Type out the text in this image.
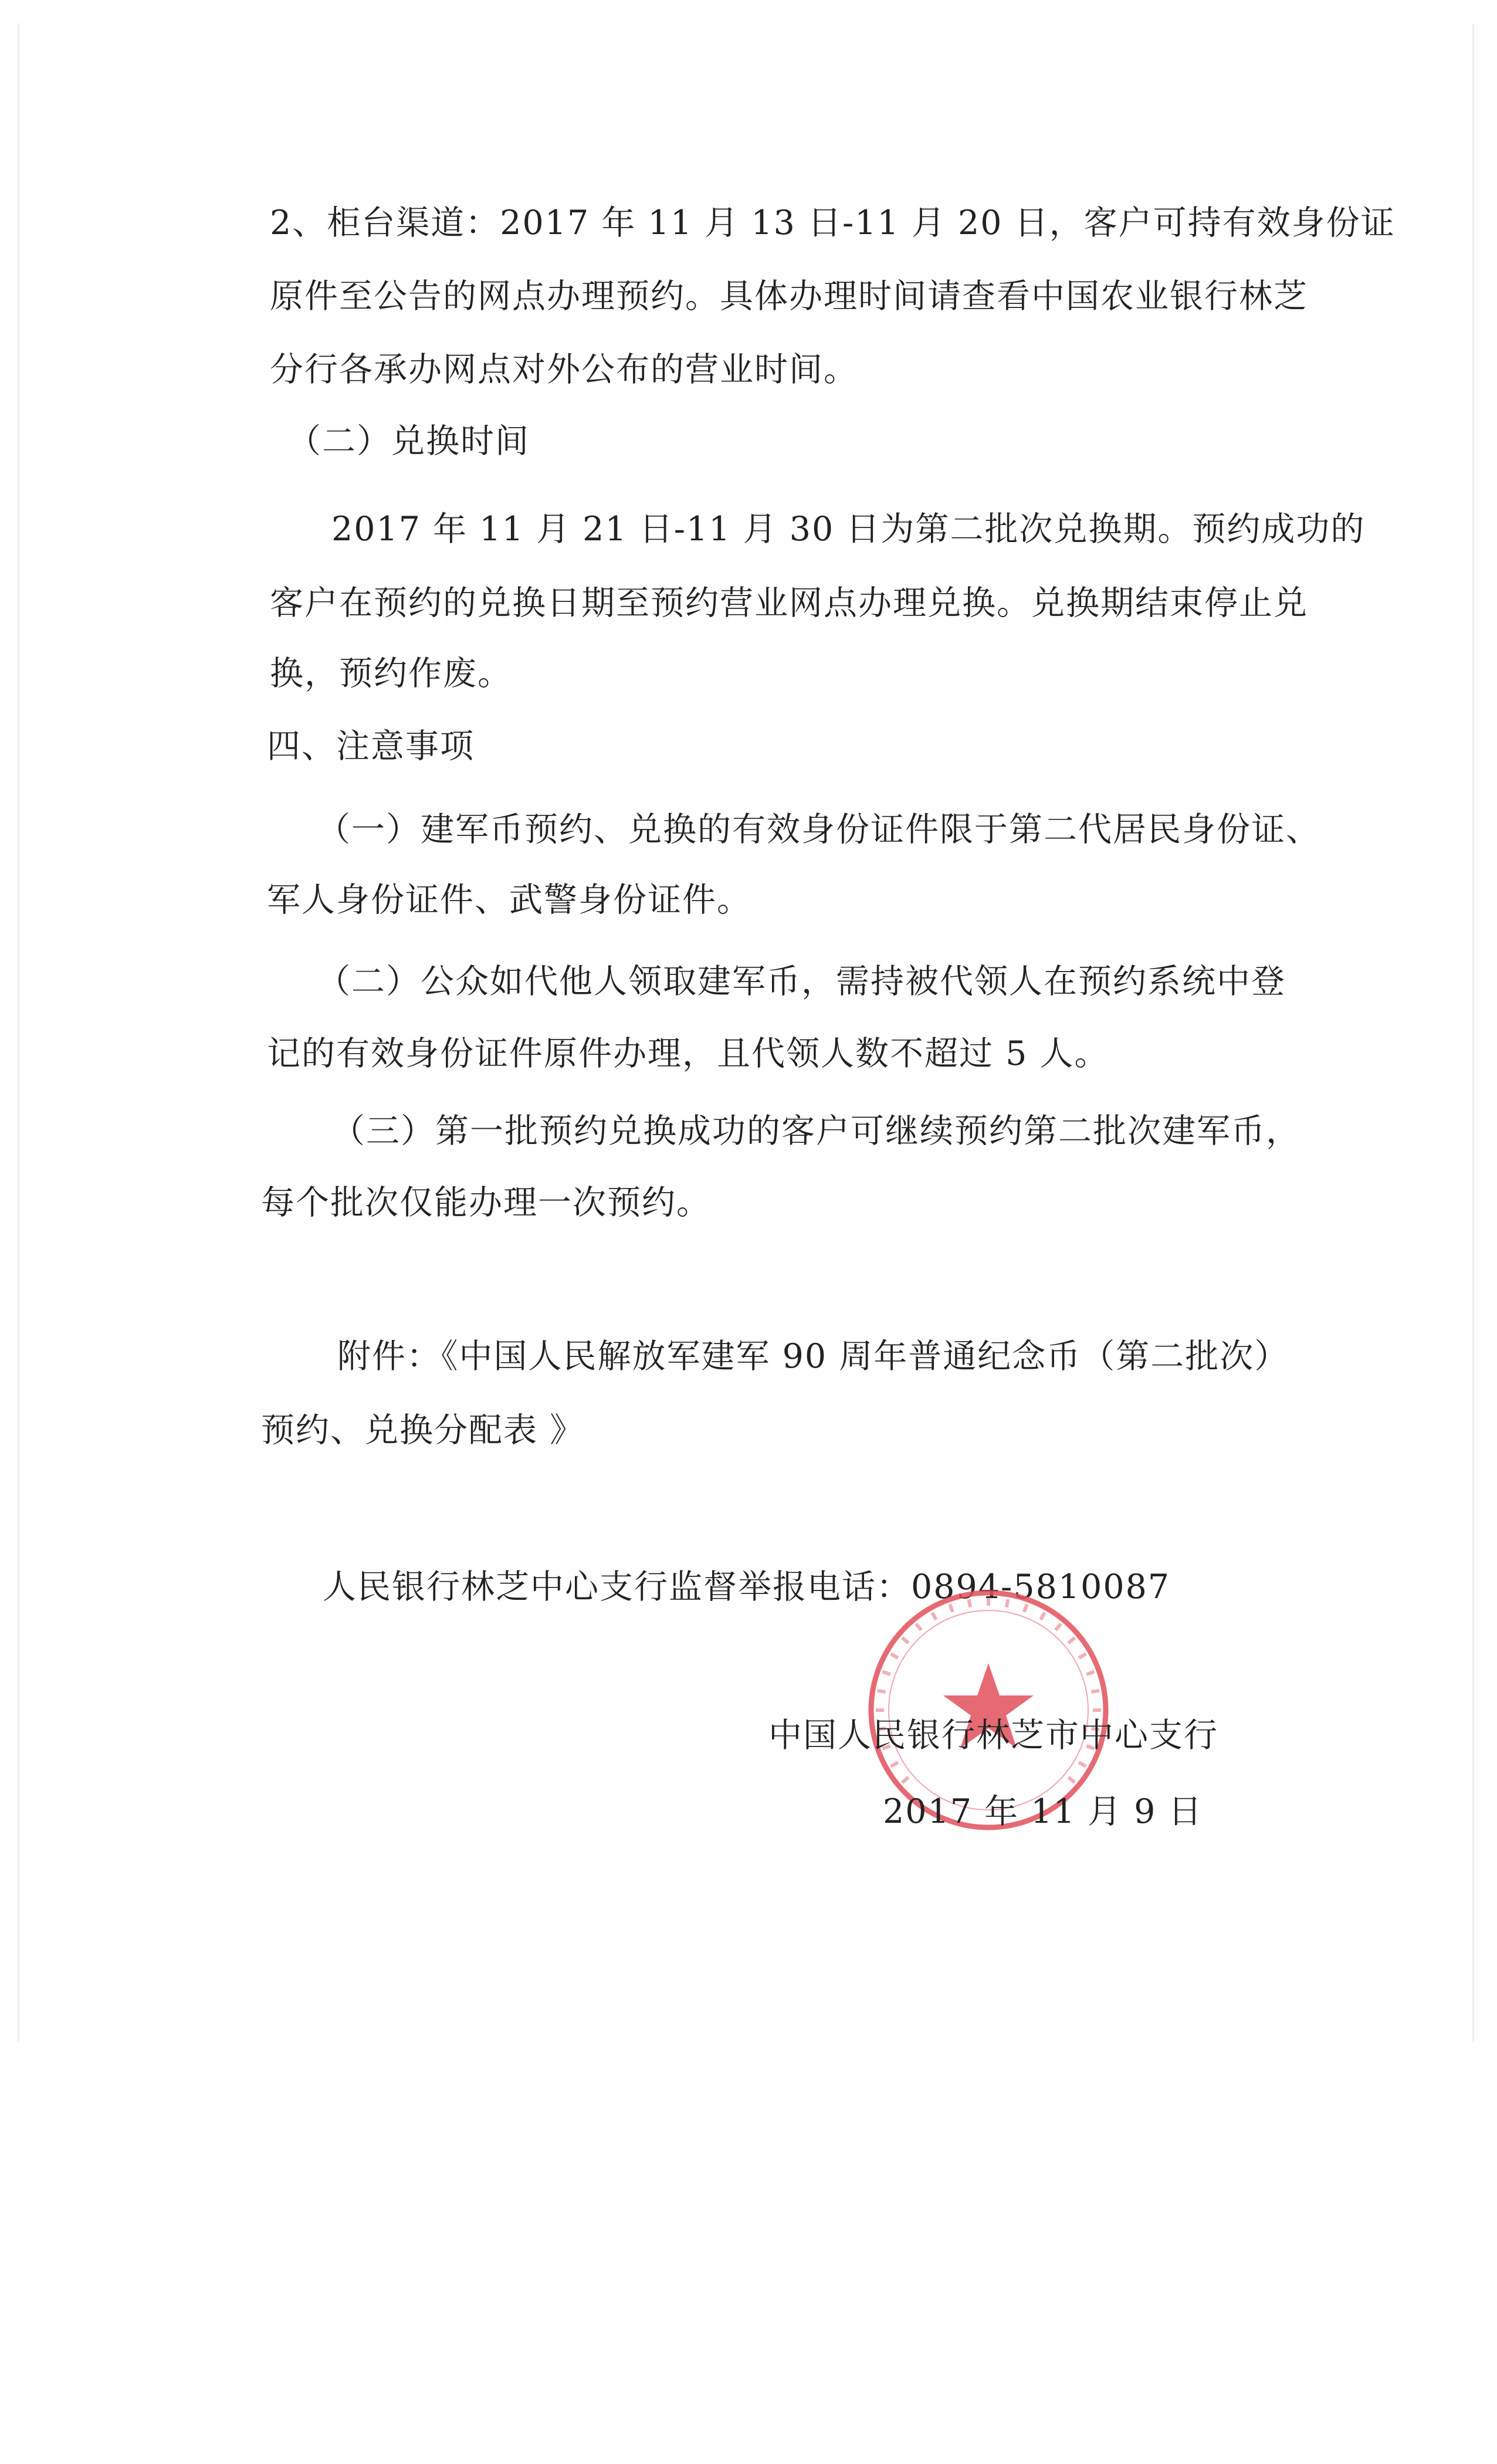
2、柜台渠道：2017 年 11 月 13 日-11 月 20 日，客户可持有效身份证
原件至公告的网点办理预约。具体办理时间请查看中国农业银行林芝
分行各承办网点对外公布的营业时间。
（二）兑换时间
2017 年 11 月 21 日-11 月 30 日为第二批次兑换期。预约成功的
客户在预约的兑换日期至预约营业网点办理兑换。兑换期结束停止兑
换，预约作废。
四、注意事项
（一）建军币预约、兑换的有效身份证件限于第二代居民身份证、
军人身份证件、武警身份证件。
（二）公众如代他人领取建军币，需持被代领人在预约系统中登
记的有效身份证件原件办理，且代领人数不超过 5 人。
（三）第一批预约兑换成功的客户可继续预约第二批次建军币，
每个批次仅能办理一次预约。
附件：《中国人民解放军建军 90 周年普通纪念币（第二批次）
预约、兑换分配表 》
人民银行林芝中心支行监督举报电话：0894-5810087
中国人民银行林芝市中心支行
2017 年 11 月 9 日
